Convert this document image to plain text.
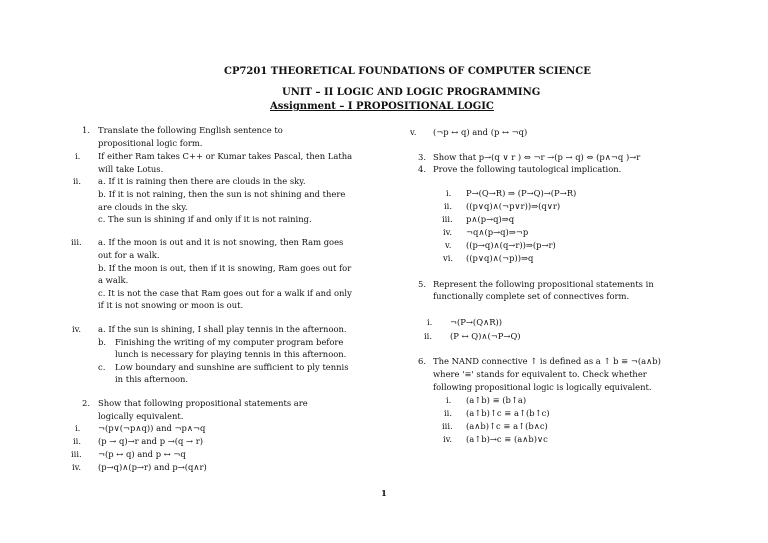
CP7201 THEORETICAL FOUNDATIONS OF COMPUTER SCIENCE
UNIT – II LOGIC AND LOGIC PROGRAMMING
Assignment – I PROPOSITIONAL LOGIC
1. Translate the following English sentence to
propositional logic form.
i. If either Ram takes C++ or Kumar takes Pascal, then Latha
will take Lotus.
ii. a. If it is raining then there are clouds in the sky.
b. If it is not raining, then the sun is not shining and there
are clouds in the sky.
c. The sun is shining if and only if it is not raining.
iii. a. If the moon is out and it is not snowing, then Ram goes
out for a walk.
b. If the moon is out, then if it is snowing, Ram goes out for
a walk.
c. It is not the case that Ram goes out for a walk if and only
if it is not snowing or moon is out.
iv. a. If the sun is shining, I shall play tennis in the afternoon.
b. Finishing the writing of my computer program before
lunch is necessary for playing tennis in this afternoon.
c. Low boundary and sunshine are sufficient to ply tennis
in this afternoon.
2. Show that following propositional statements are
logically equivalent.
i. ¬(p∨(¬p∧q)) and ¬p∧¬q
ii. (p → q)→r and p →(q → r)
iii. ¬(p ↔ q) and p ↔ ¬q
iv. (p→q)∧(p→r) and p→(q∧r)
v. (¬p ↔ q) and (p ↔ ¬q)
3. Show that p→(q ∨ r ) ⇔ ¬r →(p → q) ⇔ (p∧¬q )→r
4. Prove the following tautological implication.
i. P→(Q→R) ⇒ (P→Q)→(P→R)
ii. ((p∨q)∧(¬p∨r))⇒(q∨r)
iii. p∧(p→q)⇒q
iv. ¬q∧(p→q)⇒¬p
v. ((p→q)∧(q→r))⇒(p→r)
vi. ((p∨q)∧(¬p))⇒q
5. Represent the following propositional statements in
functionally complete set of connectives form.
i. ¬(P→(Q∧R))
ii. (P ↔ Q)∧(¬P→Q)
6. The NAND connective ↑ is defined as a ↑ b ≡ ¬(a∧b)
where '≡' stands for equivalent to. Check whether
following propositional logic is logically equivalent.
i. (a↑b) ≡ (b↑a)
ii. (a↑b)↑c ≡ a↑(b↑c)
iii. (a∧b)↑c ≡ a↑(b∧c)
iv. (a↑b)→c ≡ (a∧b)∨c
1
